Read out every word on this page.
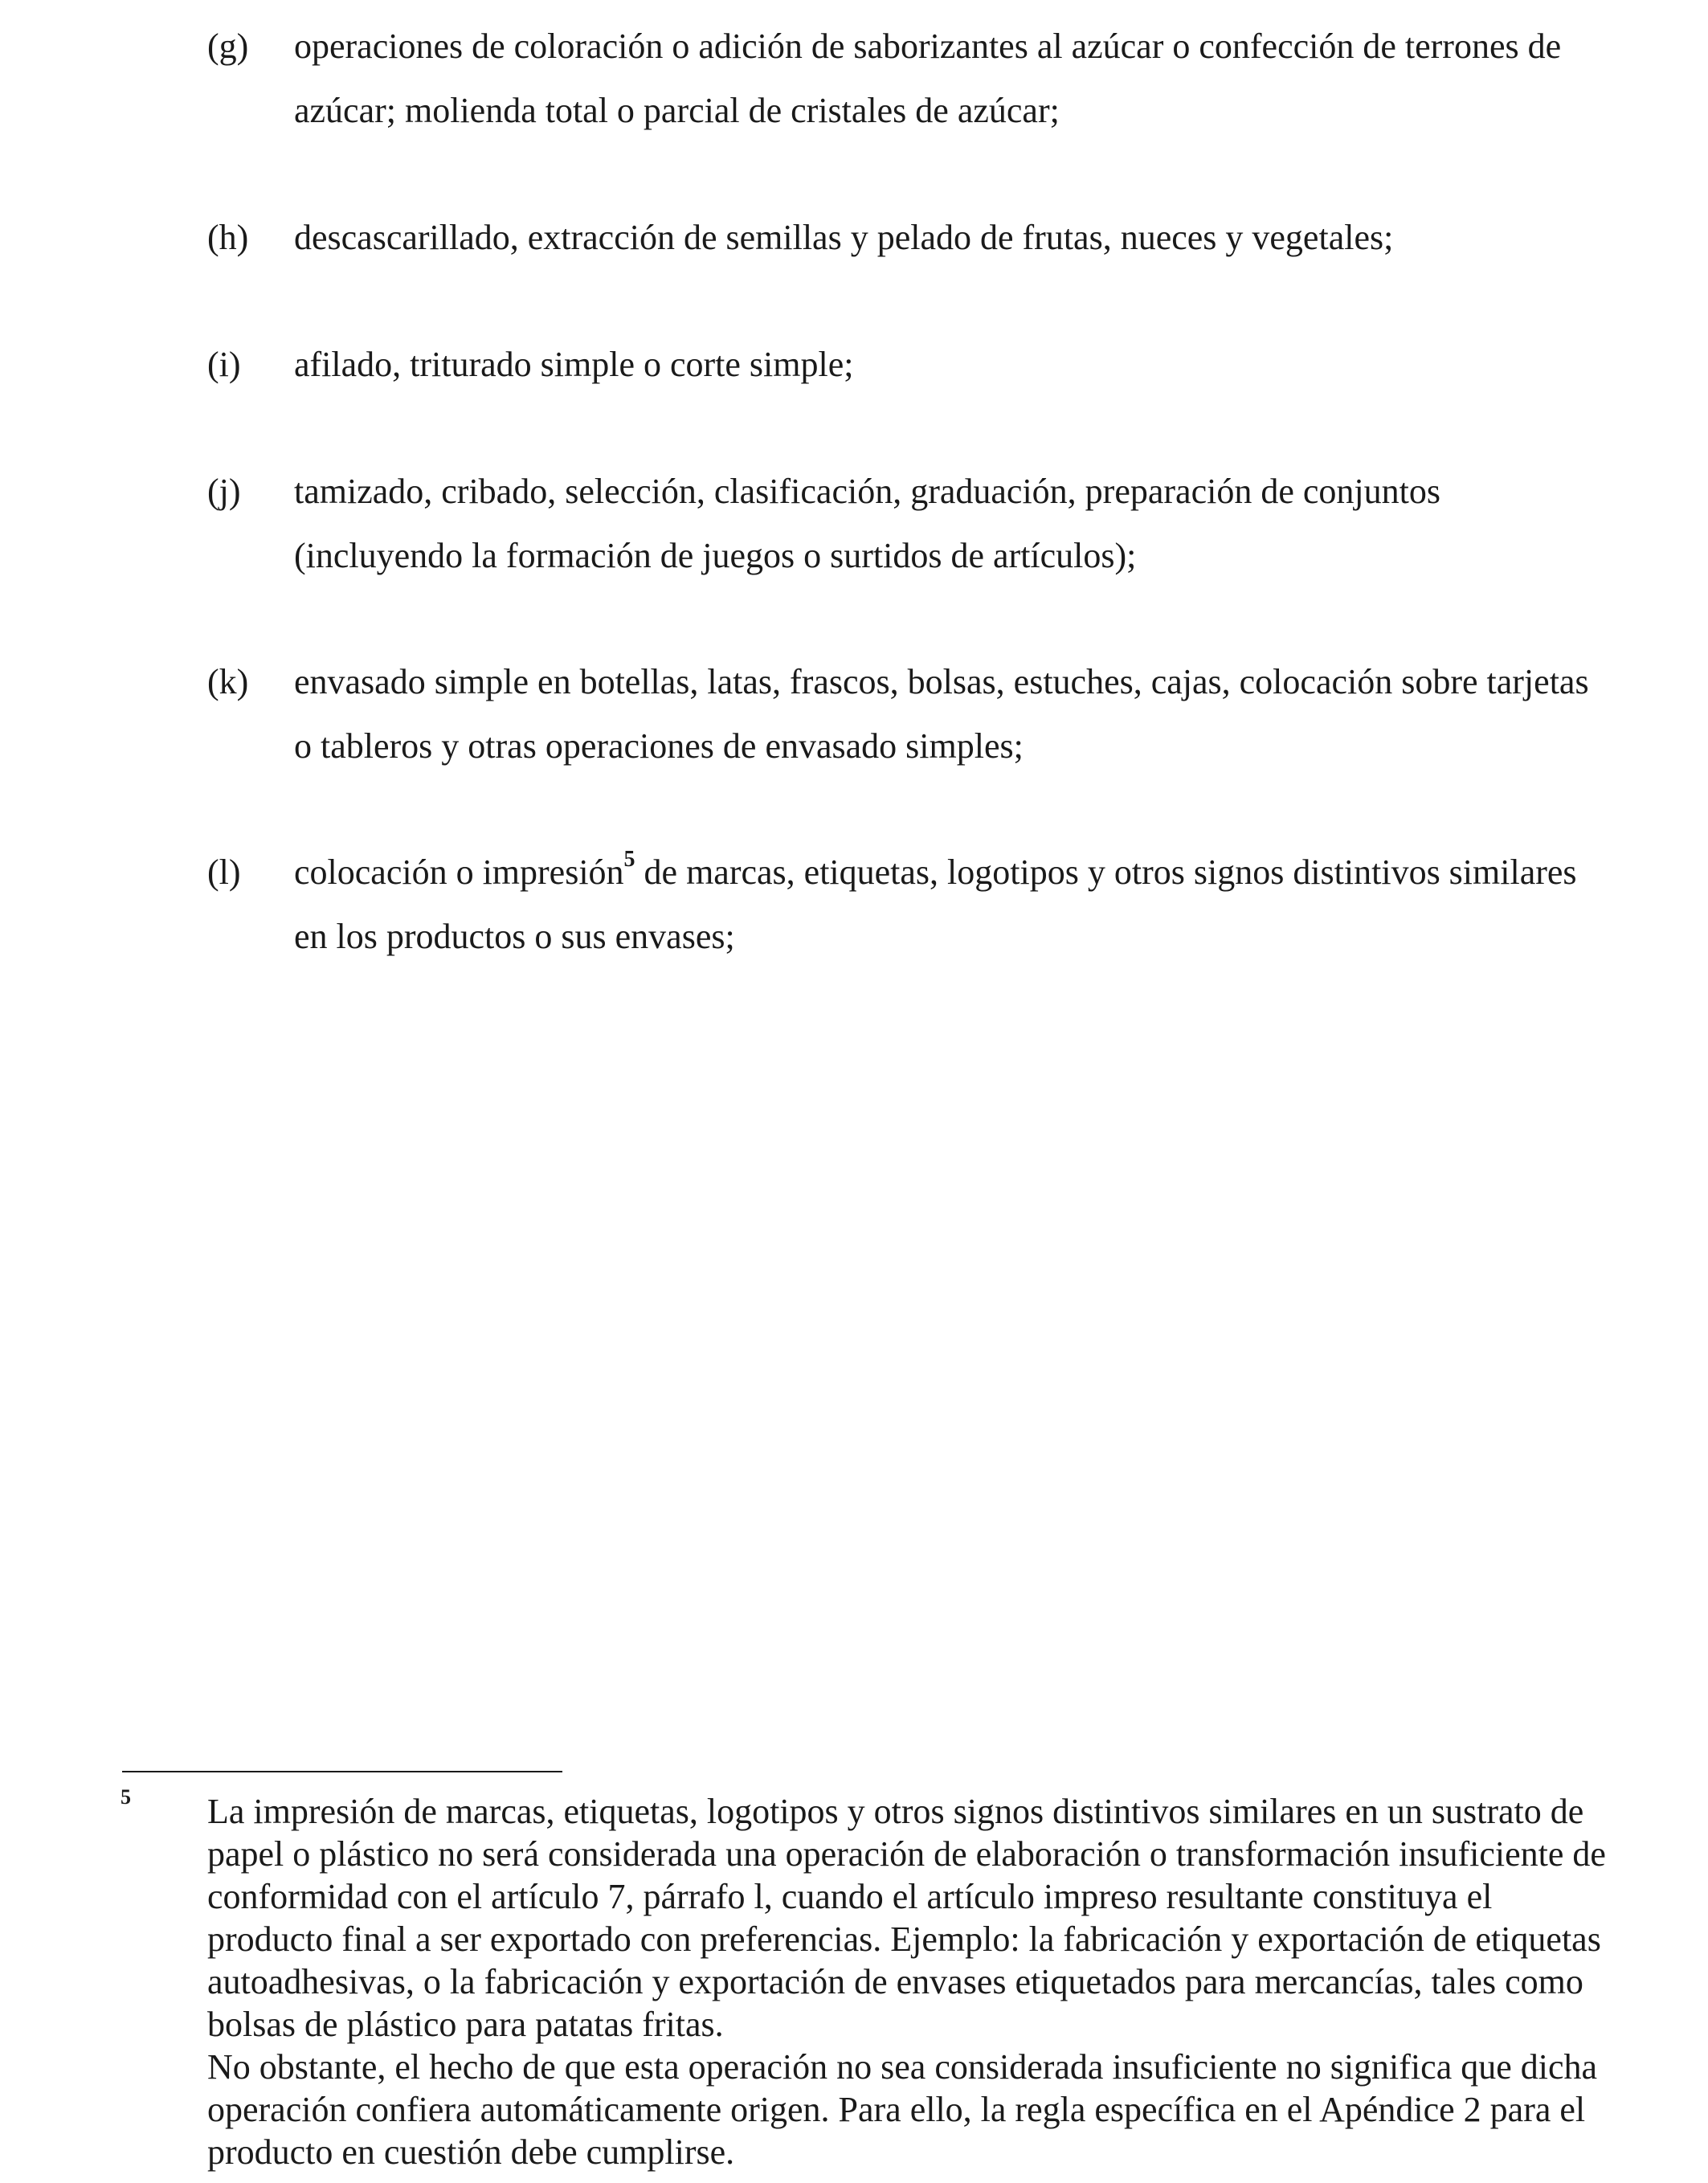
(g) operaciones de coloración o adición de saborizantes al azúcar o confección de terrones de azúcar; molienda total o parcial de cristales de azúcar;
(h) descascarillado, extracción de semillas y pelado de frutas, nueces y vegetales;
(i) afilado, triturado simple o corte simple;
(j) tamizado, cribado, selección, clasificación, graduación, preparación de conjuntos (incluyendo la formación de juegos o surtidos de artículos);
(k) envasado simple en botellas, latas, frascos, bolsas, estuches, cajas, colocación sobre tarjetas o tableros y otras operaciones de envasado simples;
(l) colocación o impresión$^5$ de marcas, etiquetas, logotipos y otros signos distintivos similares en los productos o sus envases;
5 La impresión de marcas, etiquetas, logotipos y otros signos distintivos similares en un sustrato de papel o plástico no será considerada una operación de elaboración o transformación insuficiente de conformidad con el artículo 7, párrafo l, cuando el artículo impreso resultante constituya el producto final a ser exportado con preferencias. Ejemplo: la fabricación y exportación de etiquetas autoadhesivas, o la fabricación y exportación de envases etiquetados para mercancías, tales como bolsas de plástico para patatas fritas.

No obstante, el hecho de que esta operación no sea considerada insuficiente no significa que dicha operación confiera automáticamente origen. Para ello, la regla específica en el Apéndice 2 para el producto en cuestión debe cumplirse.
